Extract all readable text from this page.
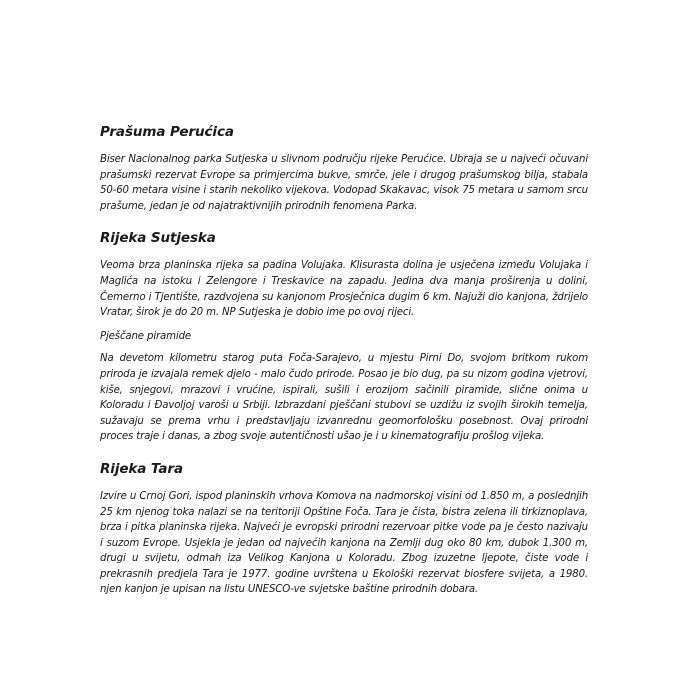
Prašuma Perućica

Biser Nacionalnog parka Sutjeska u slivnom području rijeke Perućice. Ubraja se u najveći očuvani prašumski rezervat Evrope sa primjercima bukve, smrče, jele i drugog prašumskog bilja, stabala 50-60 metara visine i starih nekoliko vijekova. Vodopad Skakavac, visok 75 metara u samom srcu prašume, jedan je od najatraktivnijih prirodnih fenomena Parka.

Rijeka Sutjeska

Veoma brza planinska rijeka sa padina Volujaka. Klisurasta dolina je usječena između Volujaka i Maglića na istoku i Zelengore i Treskavice na zapadu. Jedina dva manja proširenja u dolini, Čemerno i Tjentište, razdvojena su kanjonom Prosječnica dugim 6 km. Najuži dio kanjona, ždrijelo Vratar, širok je do 20 m. NP Sutjeska je dobio ime po ovoj rijeci.

Pješčane piramide

Na devetom kilometru starog puta Foča-Sarajevo, u mjestu Pirni Do, svojom britkom rukom priroda je izvajala remek djelo - malo čudo prirode. Posao je bio dug, pa su nizom godina vjetrovi, kiše, snjegovi, mrazovi i vrućine, ispirali, sušili i erozijom sačinili piramide, slične onima u Koloradu i Đavoljoj varoši u Srbiji. Izbrazdani pješčani stubovi se uzdižu iz svojih širokih temelja, sužavaju se prema vrhu i predstavljaju izvanrednu geomorfološku posebnost. Ovaj prirodni proces traje i danas, a zbog svoje autentičnosti ušao je i u kinematografiju prošlog vijeka.

Rijeka Tara

Izvire u Crnoj Gori, ispod planinskih vrhova Komova na nadmorskoj visini od 1.850 m, a poslednjih 25 km njenog toka nalazi se na teritoriji Opštine Foča. Tara je čista, bistra zelena ili tirkiznoplava, brza i pitka planinska rijeka. Najveći je evropski prirodni rezervoar pitke vode pa je često nazivaju i suzom Evrope. Usjekla je jedan od najvećih kanjona na Zemlji dug oko 80 km, dubok 1.300 m, drugi u svijetu, odmah iza Velikog Kanjona u Koloradu. Zbog izuzetne ljepote, čiste vode i prekrasnih predjela Tara je 1977. godine uvrštena u Ekološki rezervat biosfere svijeta, a 1980. njen kanjon je upisan na listu UNESCO-ve svjetske baštine prirodnih dobara.
